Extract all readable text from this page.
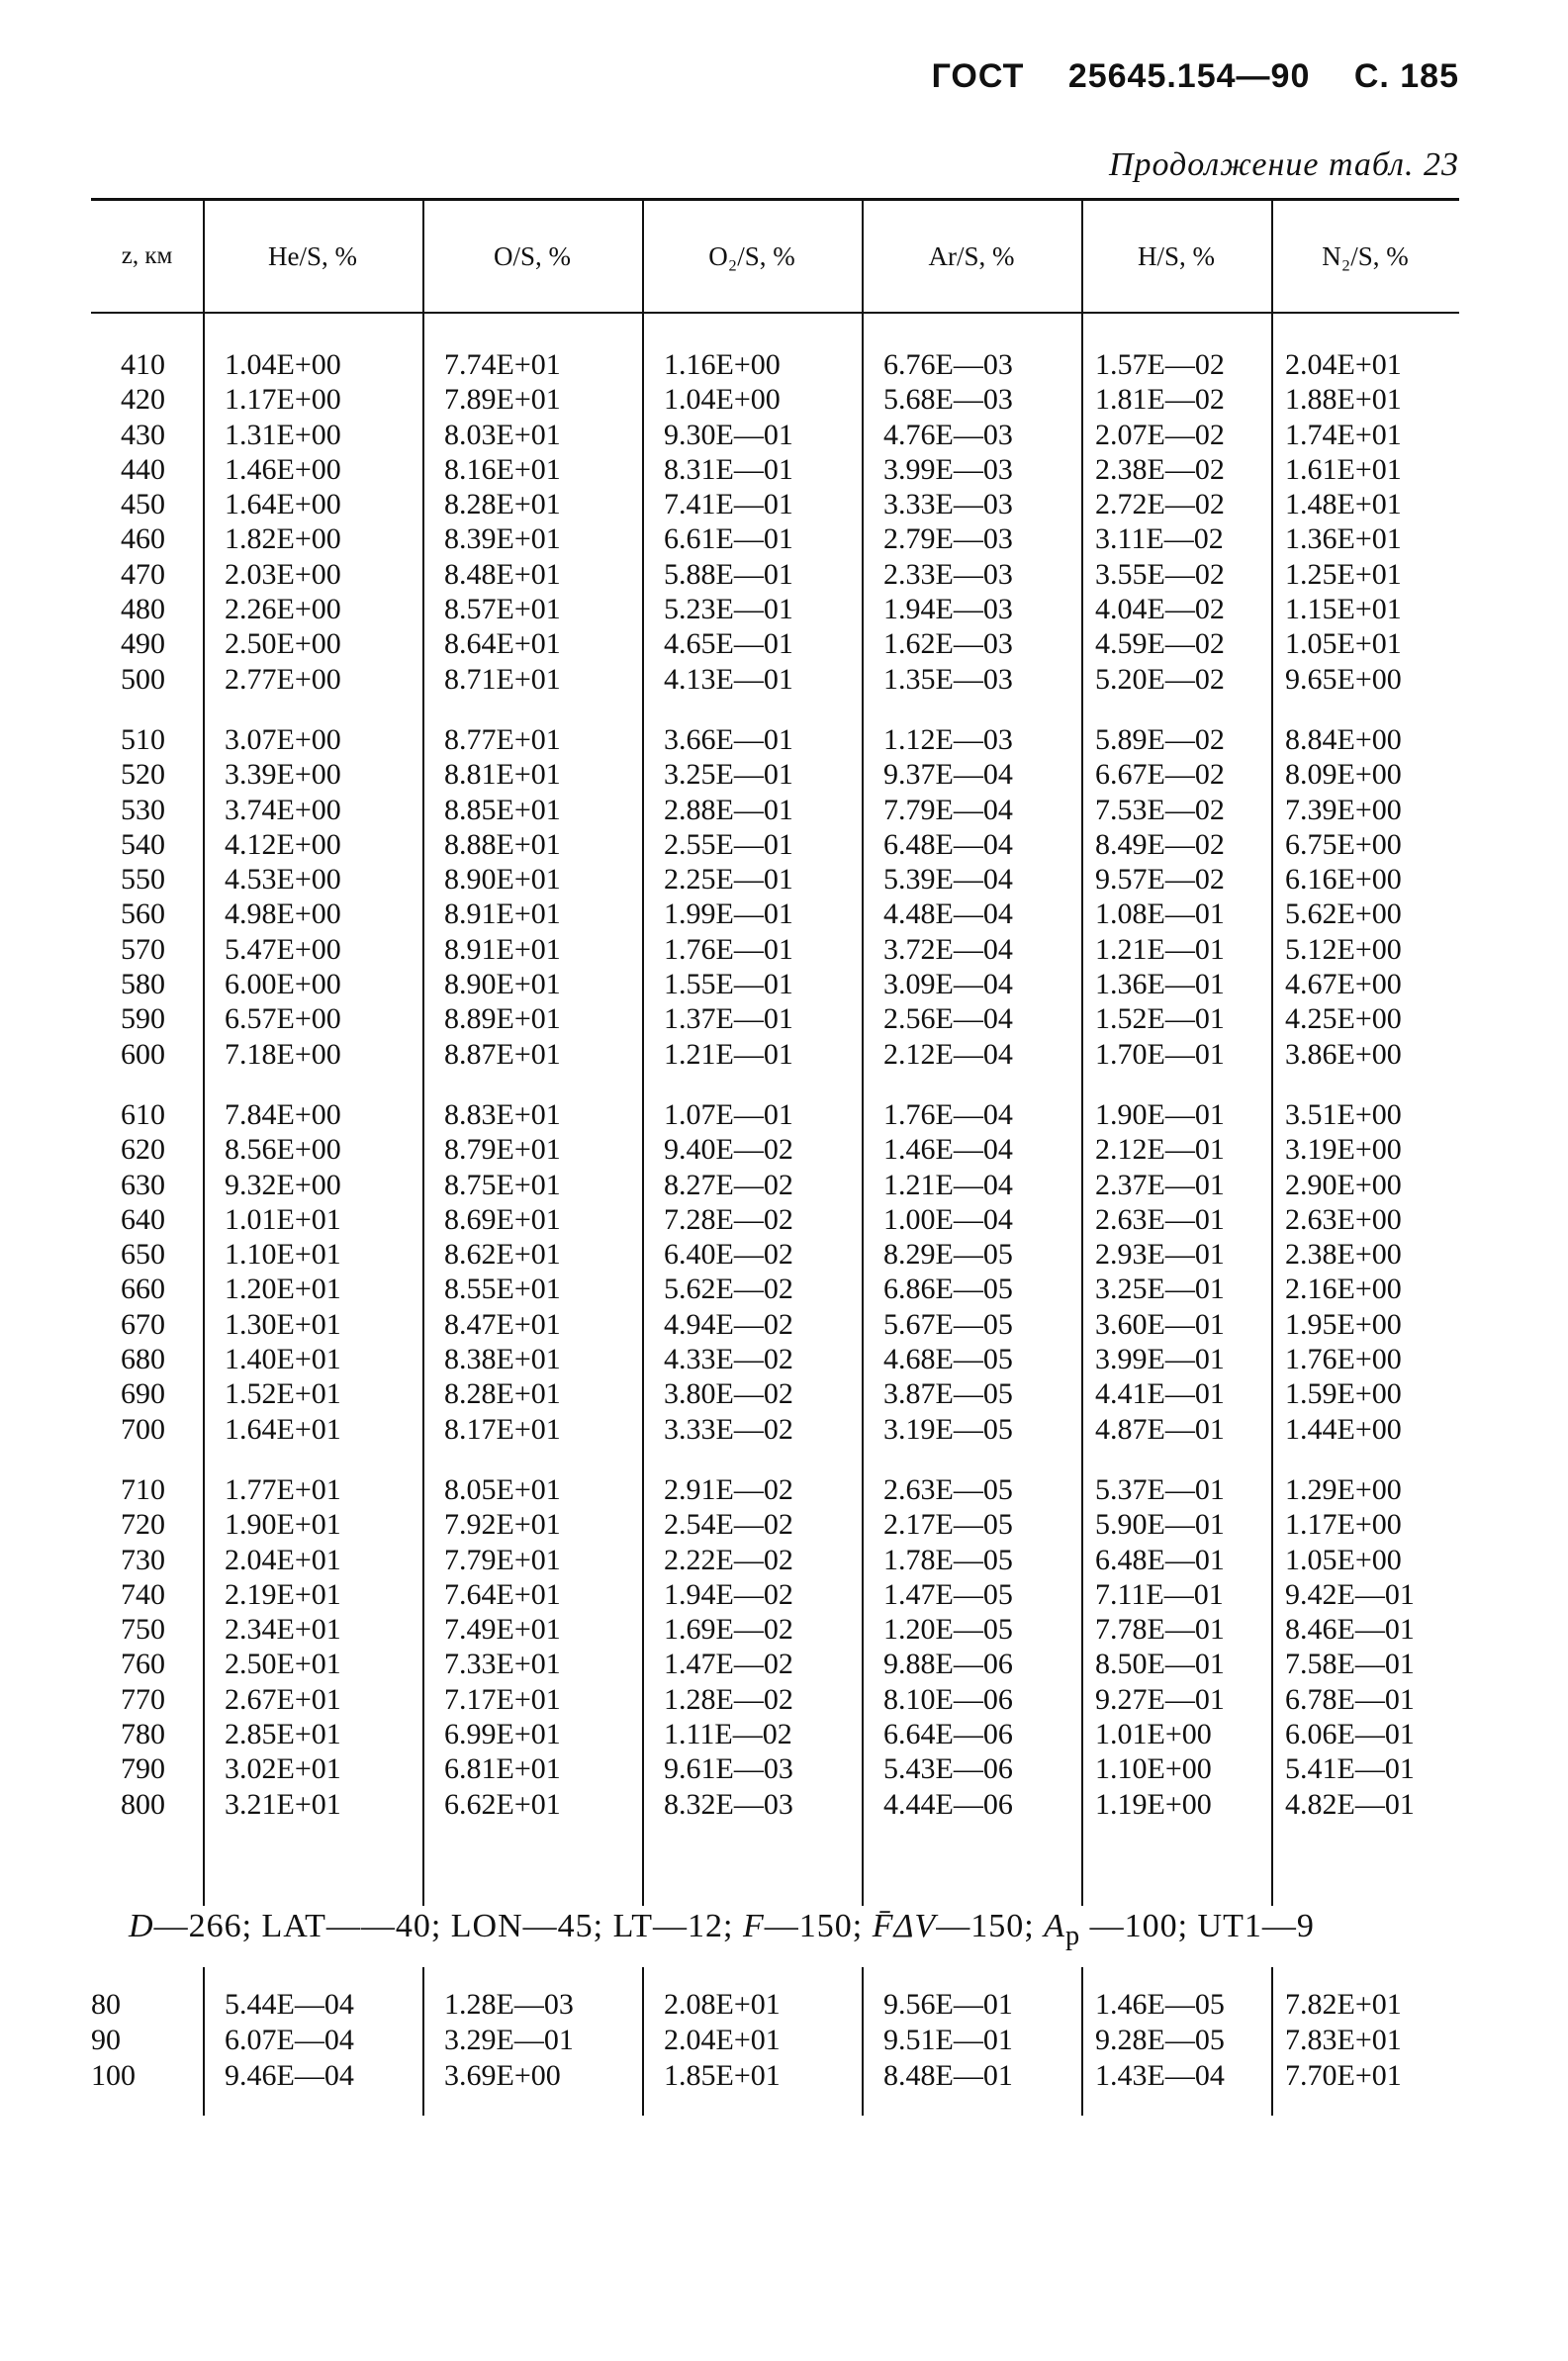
ГОСТ 25645.154—90 С. 185
Продолжение табл. 23
z, км	He/S, %	O/S, %	O₂/S, %	Ar/S, %	H/S, %	N₂/S, %
410	1.04E+00	7.74E+01	1.16E+00	6.76E—03	1.57E—02	2.04E+01
420	1.17E+00	7.89E+01	1.04E+00	5.68E—03	1.81E—02	1.88E+01
430	1.31E+00	8.03E+01	9.30E—01	4.76E—03	2.07E—02	1.74E+01
440	1.46E+00	8.16E+01	8.31E—01	3.99E—03	2.38E—02	1.61E+01
450	1.64E+00	8.28E+01	7.41E—01	3.33E—03	2.72E—02	1.48E+01
460	1.82E+00	8.39E+01	6.61E—01	2.79E—03	3.11E—02	1.36E+01
470	2.03E+00	8.48E+01	5.88E—01	2.33E—03	3.55E—02	1.25E+01
480	2.26E+00	8.57E+01	5.23E—01	1.94E—03	4.04E—02	1.15E+01
490	2.50E+00	8.64E+01	4.65E—01	1.62E—03	4.59E—02	1.05E+01
500	2.77E+00	8.71E+01	4.13E—01	1.35E—03	5.20E—02	9.65E+00
510	3.07E+00	8.77E+01	3.66E—01	1.12E—03	5.89E—02	8.84E+00
520	3.39E+00	8.81E+01	3.25E—01	9.37E—04	6.67E—02	8.09E+00
530	3.74E+00	8.85E+01	2.88E—01	7.79E—04	7.53E—02	7.39E+00
540	4.12E+00	8.88E+01	2.55E—01	6.48E—04	8.49E—02	6.75E+00
550	4.53E+00	8.90E+01	2.25E—01	5.39E—04	9.57E—02	6.16E+00
560	4.98E+00	8.91E+01	1.99E—01	4.48E—04	1.08E—01	5.62E+00
570	5.47E+00	8.91E+01	1.76E—01	3.72E—04	1.21E—01	5.12E+00
580	6.00E+00	8.90E+01	1.55E—01	3.09E—04	1.36E—01	4.67E+00
590	6.57E+00	8.89E+01	1.37E—01	2.56E—04	1.52E—01	4.25E+00
600	7.18E+00	8.87E+01	1.21E—01	2.12E—04	1.70E—01	3.86E+00
610	7.84E+00	8.83E+01	1.07E—01	1.76E—04	1.90E—01	3.51E+00
620	8.56E+00	8.79E+01	9.40E—02	1.46E—04	2.12E—01	3.19E+00
630	9.32E+00	8.75E+01	8.27E—02	1.21E—04	2.37E—01	2.90E+00
640	1.01E+01	8.69E+01	7.28E—02	1.00E—04	2.63E—01	2.63E+00
650	1.10E+01	8.62E+01	6.40E—02	8.29E—05	2.93E—01	2.38E+00
660	1.20E+01	8.55E+01	5.62E—02	6.86E—05	3.25E—01	2.16E+00
670	1.30E+01	8.47E+01	4.94E—02	5.67E—05	3.60E—01	1.95E+00
680	1.40E+01	8.38E+01	4.33E—02	4.68E—05	3.99E—01	1.76E+00
690	1.52E+01	8.28E+01	3.80E—02	3.87E—05	4.41E—01	1.59E+00
700	1.64E+01	8.17E+01	3.33E—02	3.19E—05	4.87E—01	1.44E+00
710	1.77E+01	8.05E+01	2.91E—02	2.63E—05	5.37E—01	1.29E+00
720	1.90E+01	7.92E+01	2.54E—02	2.17E—05	5.90E—01	1.17E+00
730	2.04E+01	7.79E+01	2.22E—02	1.78E—05	6.48E—01	1.05E+00
740	2.19E+01	7.64E+01	1.94E—02	1.47E—05	7.11E—01	9.42E—01
750	2.34E+01	7.49E+01	1.69E—02	1.20E—05	7.78E—01	8.46E—01
760	2.50E+01	7.33E+01	1.47E—02	9.88E—06	8.50E—01	7.58E—01
770	2.67E+01	7.17E+01	1.28E—02	8.10E—06	9.27E—01	6.78E—01
780	2.85E+01	6.99E+01	1.11E—02	6.64E—06	1.01E+00	6.06E—01
790	3.02E+01	6.81E+01	9.61E—03	5.43E—06	1.10E+00	5.41E—01
800	3.21E+01	6.62E+01	8.32E—03	4.44E—06	1.19E+00	4.82E—01
D—266; LAT——40; LON—45; LT—12; F—150; F̄ΔV—150; $A_p$ —100; UT1—9
80	5.44E—04	1.28E—03	2.08E+01	9.56E—01	1.46E—05	7.82E+01
90	6.07E—04	3.29E—01	2.04E+01	9.51E—01	9.28E—05	7.83E+01
100	9.46E—04	3.69E+00	1.85E+01	8.48E—01	1.43E—04	7.70E+01
